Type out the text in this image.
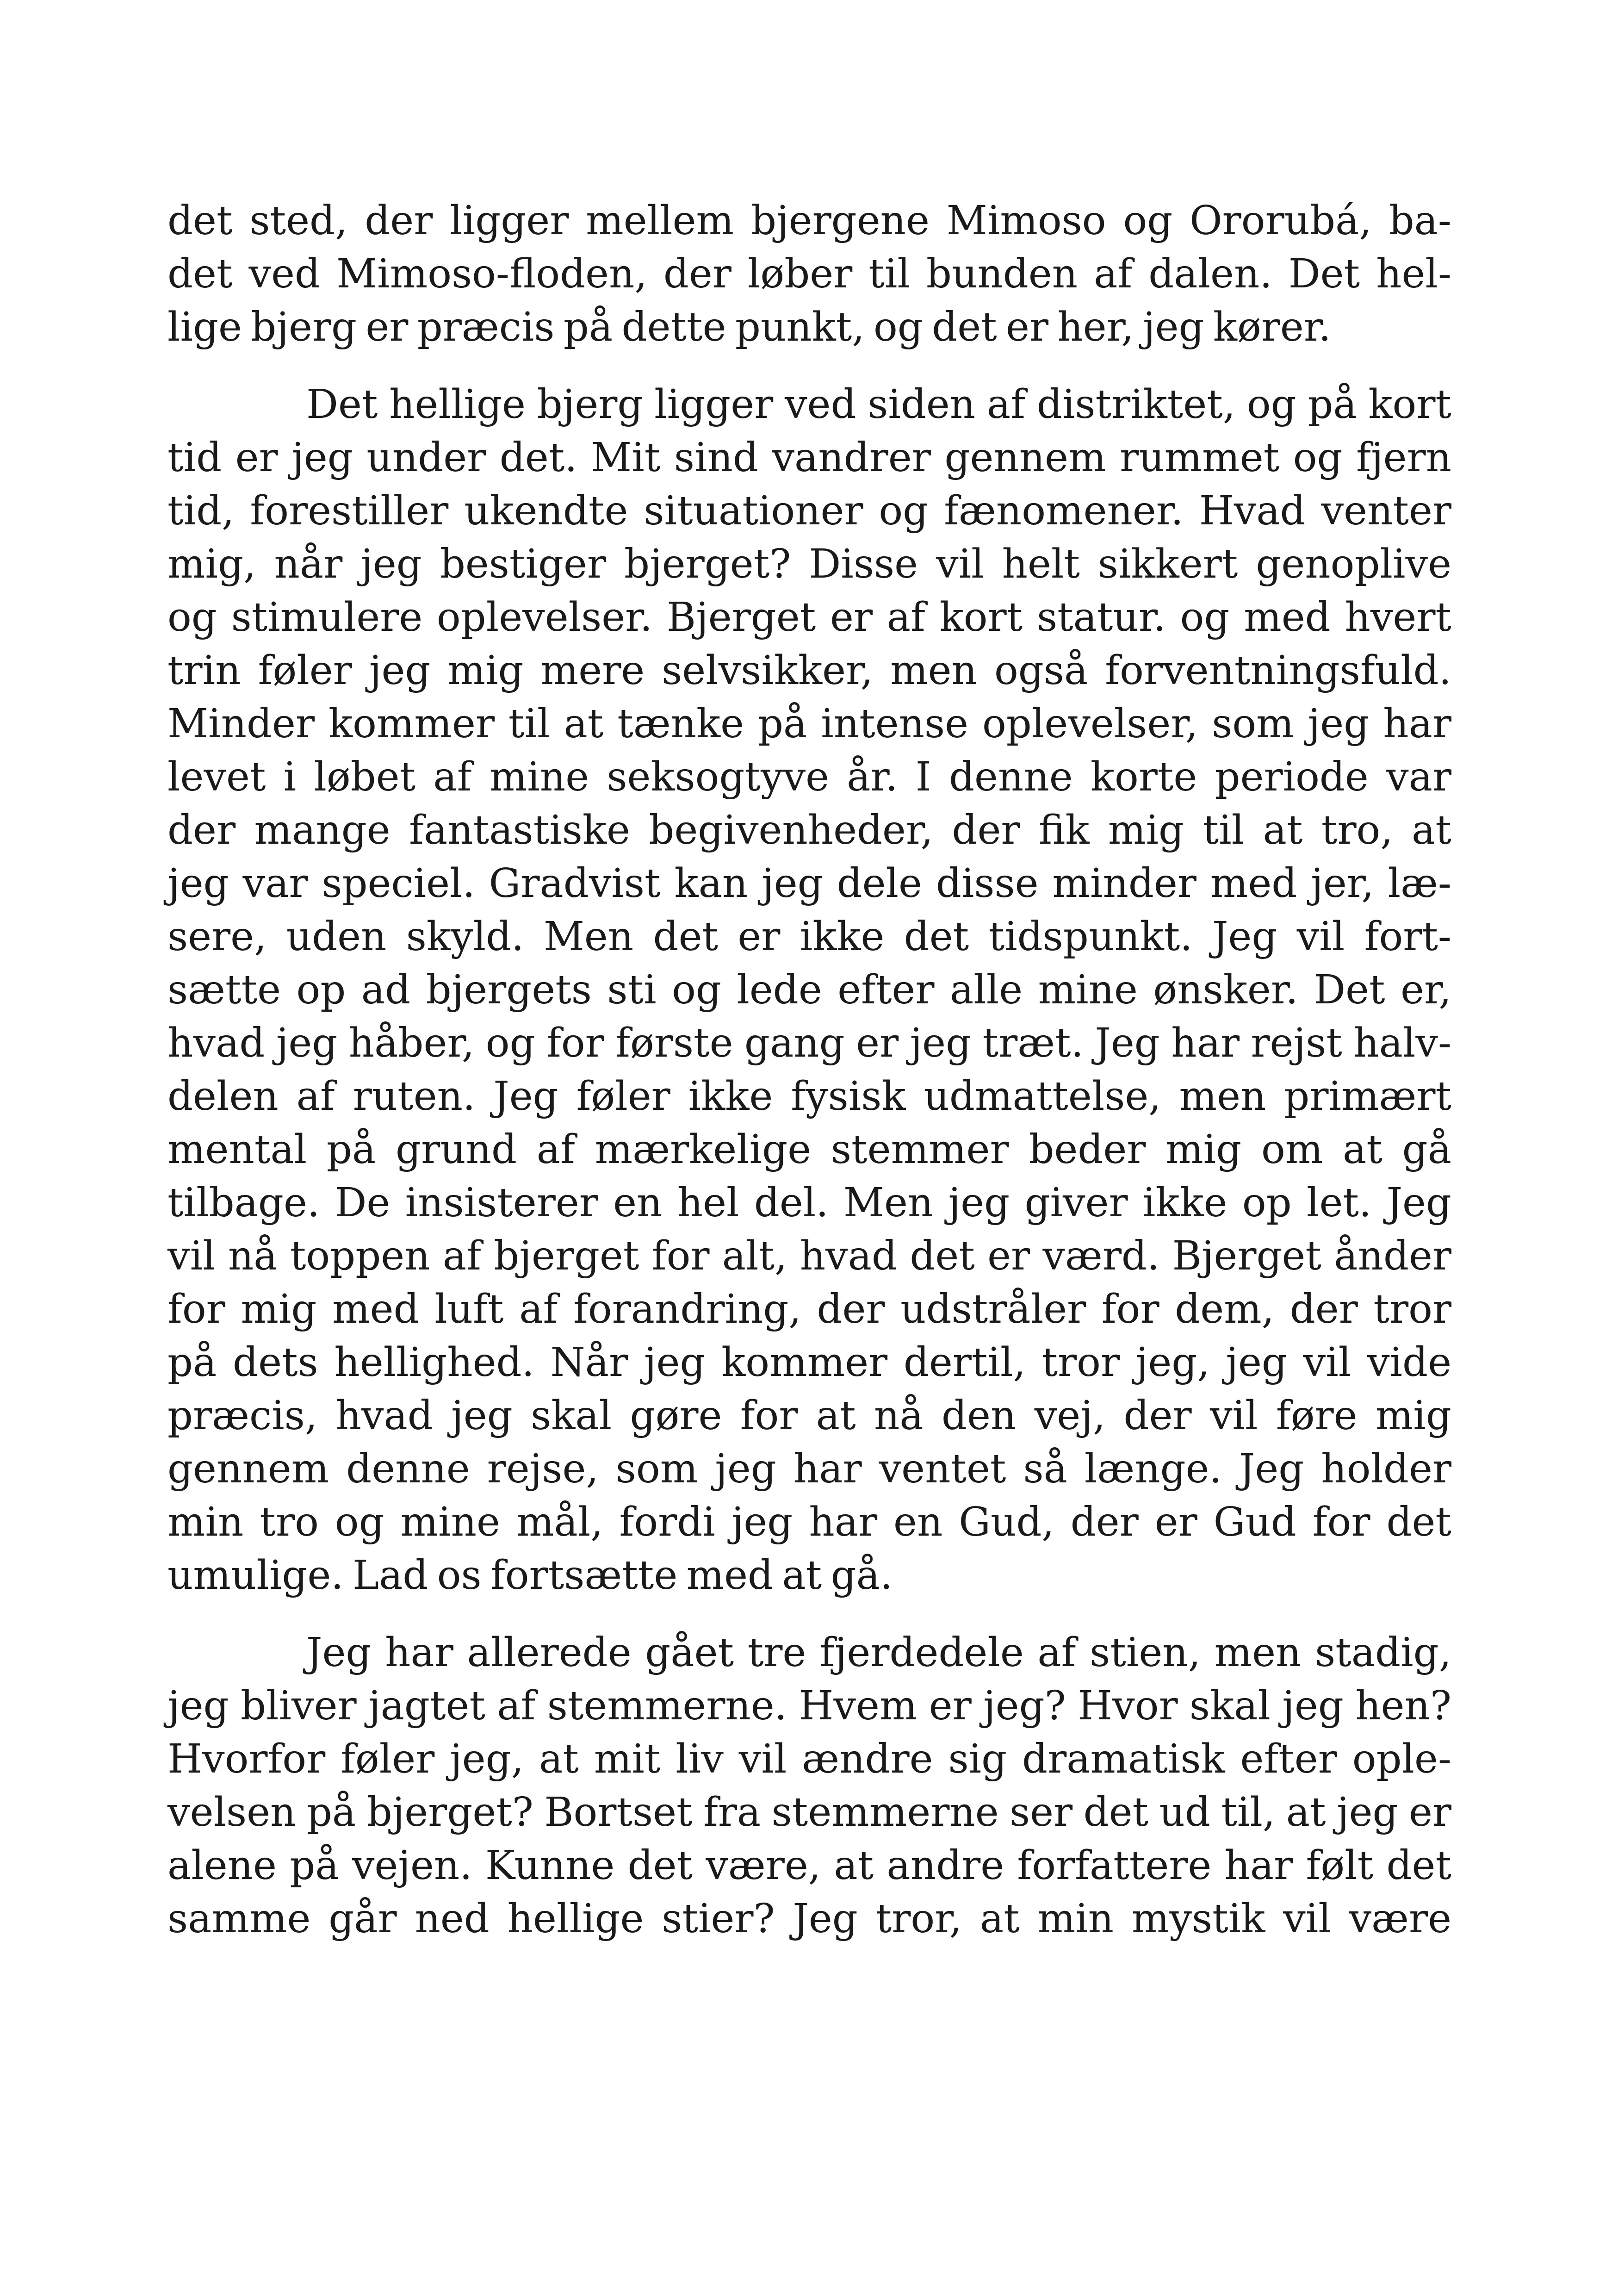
det sted, der ligger mellem bjergene Mimoso og Ororubá, ba-
det ved Mimoso-floden, der løber til bunden af dalen. Det hel-
lige bjerg er præcis på dette punkt, og det er her, jeg kører.
Det hellige bjerg ligger ved siden af distriktet, og på kort
tid er jeg under det. Mit sind vandrer gennem rummet og fjern
tid, forestiller ukendte situationer og fænomener. Hvad venter
mig, når jeg bestiger bjerget? Disse vil helt sikkert genoplive
og stimulere oplevelser. Bjerget er af kort statur. og med hvert
trin føler jeg mig mere selvsikker, men også forventningsfuld.
Minder kommer til at tænke på intense oplevelser, som jeg har
levet i løbet af mine seksogtyve år. I denne korte periode var
der mange fantastiske begivenheder, der fik mig til at tro, at
jeg var speciel. Gradvist kan jeg dele disse minder med jer, læ-
sere, uden skyld. Men det er ikke det tidspunkt. Jeg vil fort-
sætte op ad bjergets sti og lede efter alle mine ønsker. Det er,
hvad jeg håber, og for første gang er jeg træt. Jeg har rejst halv-
delen af ruten. Jeg føler ikke fysisk udmattelse, men primært
mental på grund af mærkelige stemmer beder mig om at gå
tilbage. De insisterer en hel del. Men jeg giver ikke op let. Jeg
vil nå toppen af bjerget for alt, hvad det er værd. Bjerget ånder
for mig med luft af forandring, der udstråler for dem, der tror
på dets hellighed. Når jeg kommer dertil, tror jeg, jeg vil vide
præcis, hvad jeg skal gøre for at nå den vej, der vil føre mig
gennem denne rejse, som jeg har ventet så længe. Jeg holder
min tro og mine mål, fordi jeg har en Gud, der er Gud for det
umulige. Lad os fortsætte med at gå.
Jeg har allerede gået tre fjerdedele af stien, men stadig,
jeg bliver jagtet af stemmerne. Hvem er jeg? Hvor skal jeg hen?
Hvorfor føler jeg, at mit liv vil ændre sig dramatisk efter ople-
velsen på bjerget? Bortset fra stemmerne ser det ud til, at jeg er
alene på vejen. Kunne det være, at andre forfattere har følt det
samme går ned hellige stier? Jeg tror, at min mystik vil være
